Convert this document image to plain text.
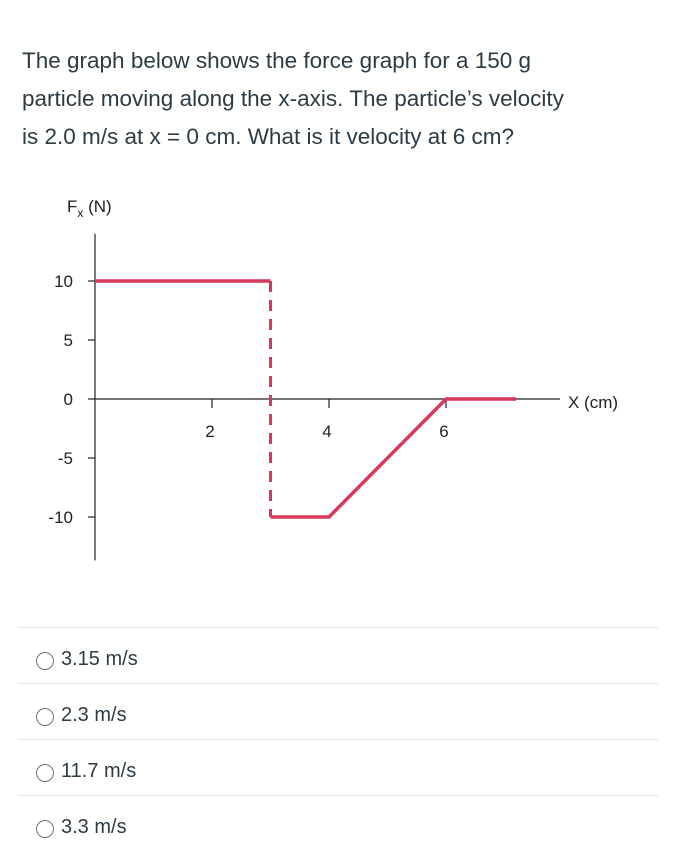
The graph below shows the force graph for a 150 g

particle moving along the x-axis. The particle’s velocity

is 2.0 m/s at x = 0 cm. What is it velocity at 6 cm?

$F_x$ (N)
10
5
0
-5
-10
2	4	6
X (cm)
3.15 m/s
2.3 m/s
11.7 m/s
3.3 m/s
